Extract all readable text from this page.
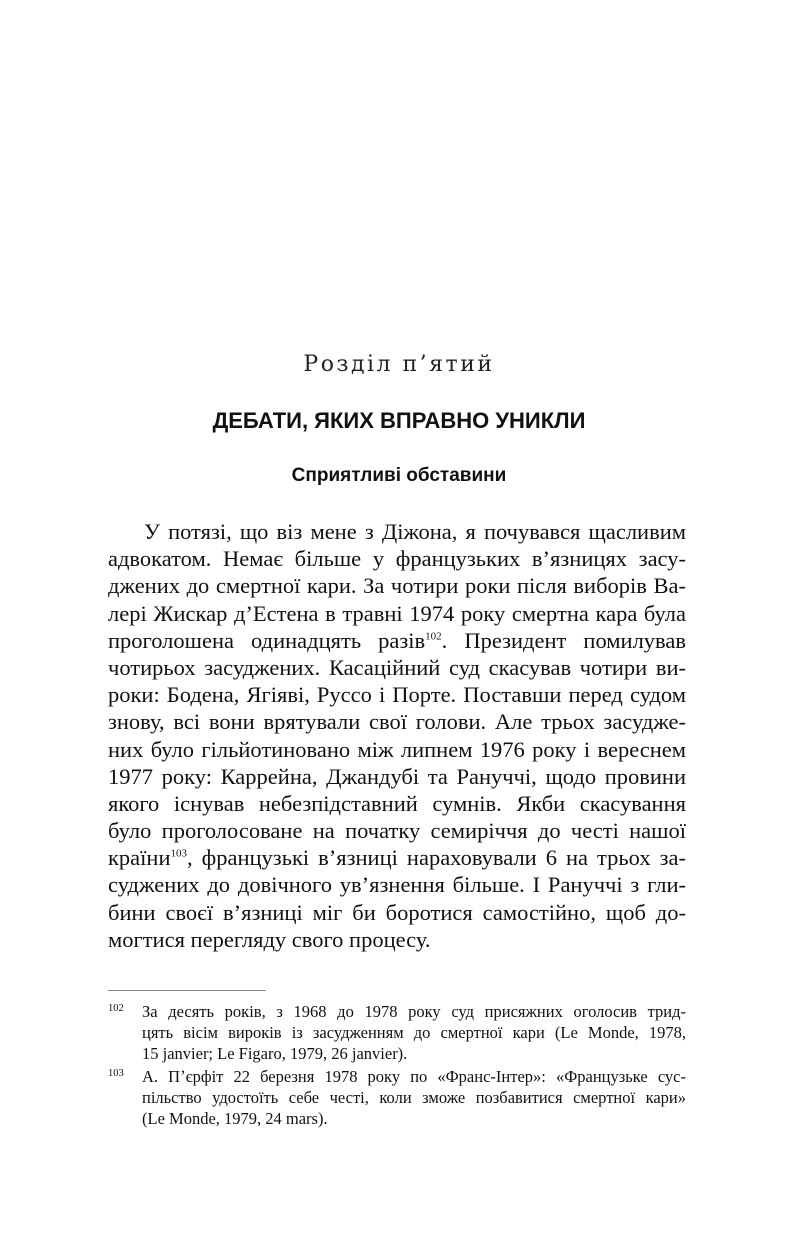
Розділ п’ятий
ДЕБАТИ, ЯКИХ ВПРАВНО УНИКЛИ
Сприятливі обставини
У потязі, що віз мене з Діжона, я почувався щасливим
адвокатом. Немає більше у французьких в’язницях засу-
джених до смертної кари. За чотири роки після виборів Ва-
лері Жискар д’Естена в травні 1974 року смертна кара була
проголошена одинадцять разів$^{102}$. Президент помилував
чотирьох засуджених. Касаційний суд скасував чотири ви-
роки: Бодена, Ягіяві, Руссо і Порте. Поставши перед судом
знову, всі вони врятували свої голови. Але трьох засудже-
них було гільйотиновано між липнем 1976 року і вереснем
1977 року: Каррейна, Джандубі та Рануччі, щодо провини
якого існував небезпідставний сумнів. Якби скасування
було проголосоване на початку семиріччя до честі нашої
країни$^{103}$, французькі в’язниці нараховували 6 на трьох за-
суджених до довічного ув’язнення більше. І Рануччі з гли-
бини своєї в’язниці міг би боротися самостійно, щоб до-
могтися перегляду свого процесу.
102 За десять років, з 1968 до 1978 року суд присяжних оголосив трид-
цять вісім вироків із засудженням до смертної кари (Le Monde, 1978,
15 janvier; Le Figaro, 1979, 26 janvier).
103 А. Пʼєрфіт 22 березня 1978 року по «Франс-Інтер»: «Французьке сус-
пільство удостоїть себе честі, коли зможе позбавитися смертної кари»
(Le Monde, 1979, 24 mars).
